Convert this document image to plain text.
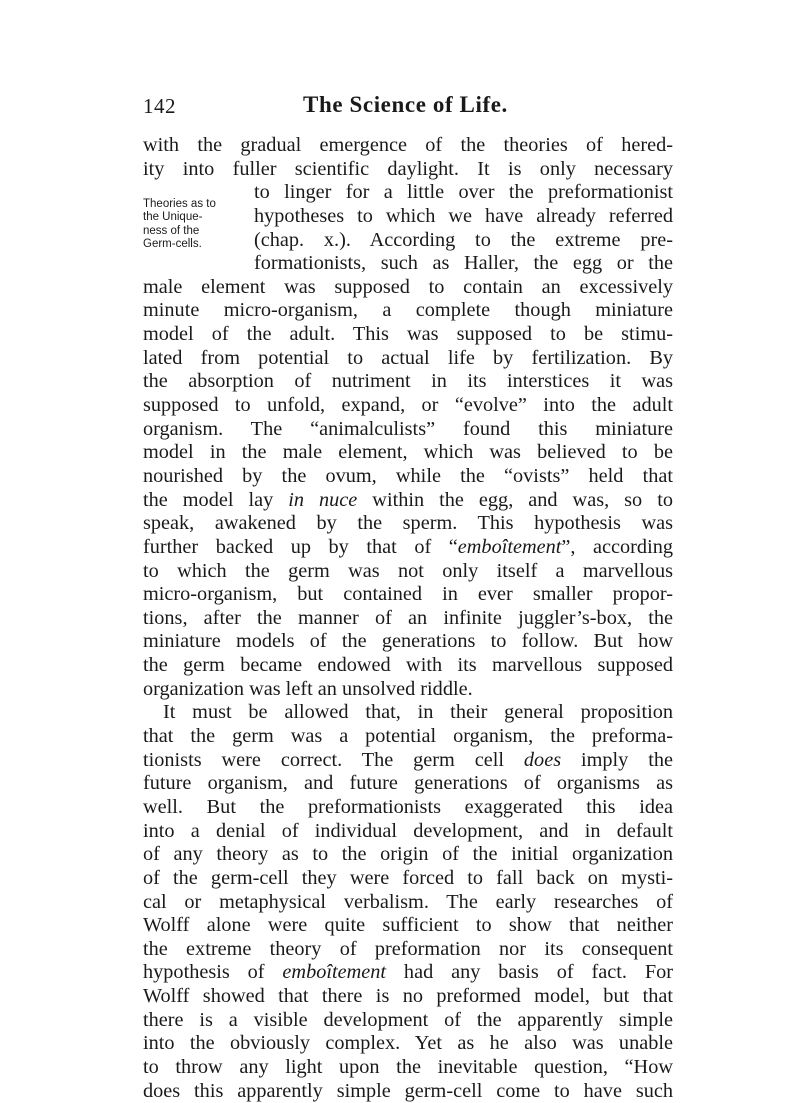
142	The Science of Life.
Theories as to
the Unique-
ness of the
Germ-cells.
with the gradual emergence of the theories of hered-
ity into fuller scientific daylight. It is only necessary
to linger for a little over the preformationist
hypotheses to which we have already referred
(chap. x.). According to the extreme pre-
formationists, such as Haller, the egg or the
male element was supposed to contain an excessively
minute micro-organism, a complete though miniature
model of the adult. This was supposed to be stimu-
lated from potential to actual life by fertilization. By
the absorption of nutriment in its interstices it was
supposed to unfold, expand, or “evolve” into the adult
organism. The “animalculists” found this miniature
model in the male element, which was believed to be
nourished by the ovum, while the “ovists” held that
the model lay in nuce within the egg, and was, so to
speak, awakened by the sperm. This hypothesis was
further backed up by that of “emboîtement”, according
to which the germ was not only itself a marvellous
micro-organism, but contained in ever smaller propor-
tions, after the manner of an infinite juggler’s-box, the
miniature models of the generations to follow. But how
the germ became endowed with its marvellous supposed
organization was left an unsolved riddle.
It must be allowed that, in their general proposition
that the germ was a potential organism, the preforma-
tionists were correct. The germ cell does imply the
future organism, and future generations of organisms as
well. But the preformationists exaggerated this idea
into a denial of individual development, and in default
of any theory as to the origin of the initial organization
of the germ-cell they were forced to fall back on mysti-
cal or metaphysical verbalism. The early researches of
Wolff alone were quite sufficient to show that neither
the extreme theory of preformation nor its consequent
hypothesis of emboîtement had any basis of fact. For
Wolff showed that there is no preformed model, but that
there is a visible development of the apparently simple
into the obviously complex. Yet as he also was unable
to throw any light upon the inevitable question, “How
does this apparently simple germ-cell come to have such
